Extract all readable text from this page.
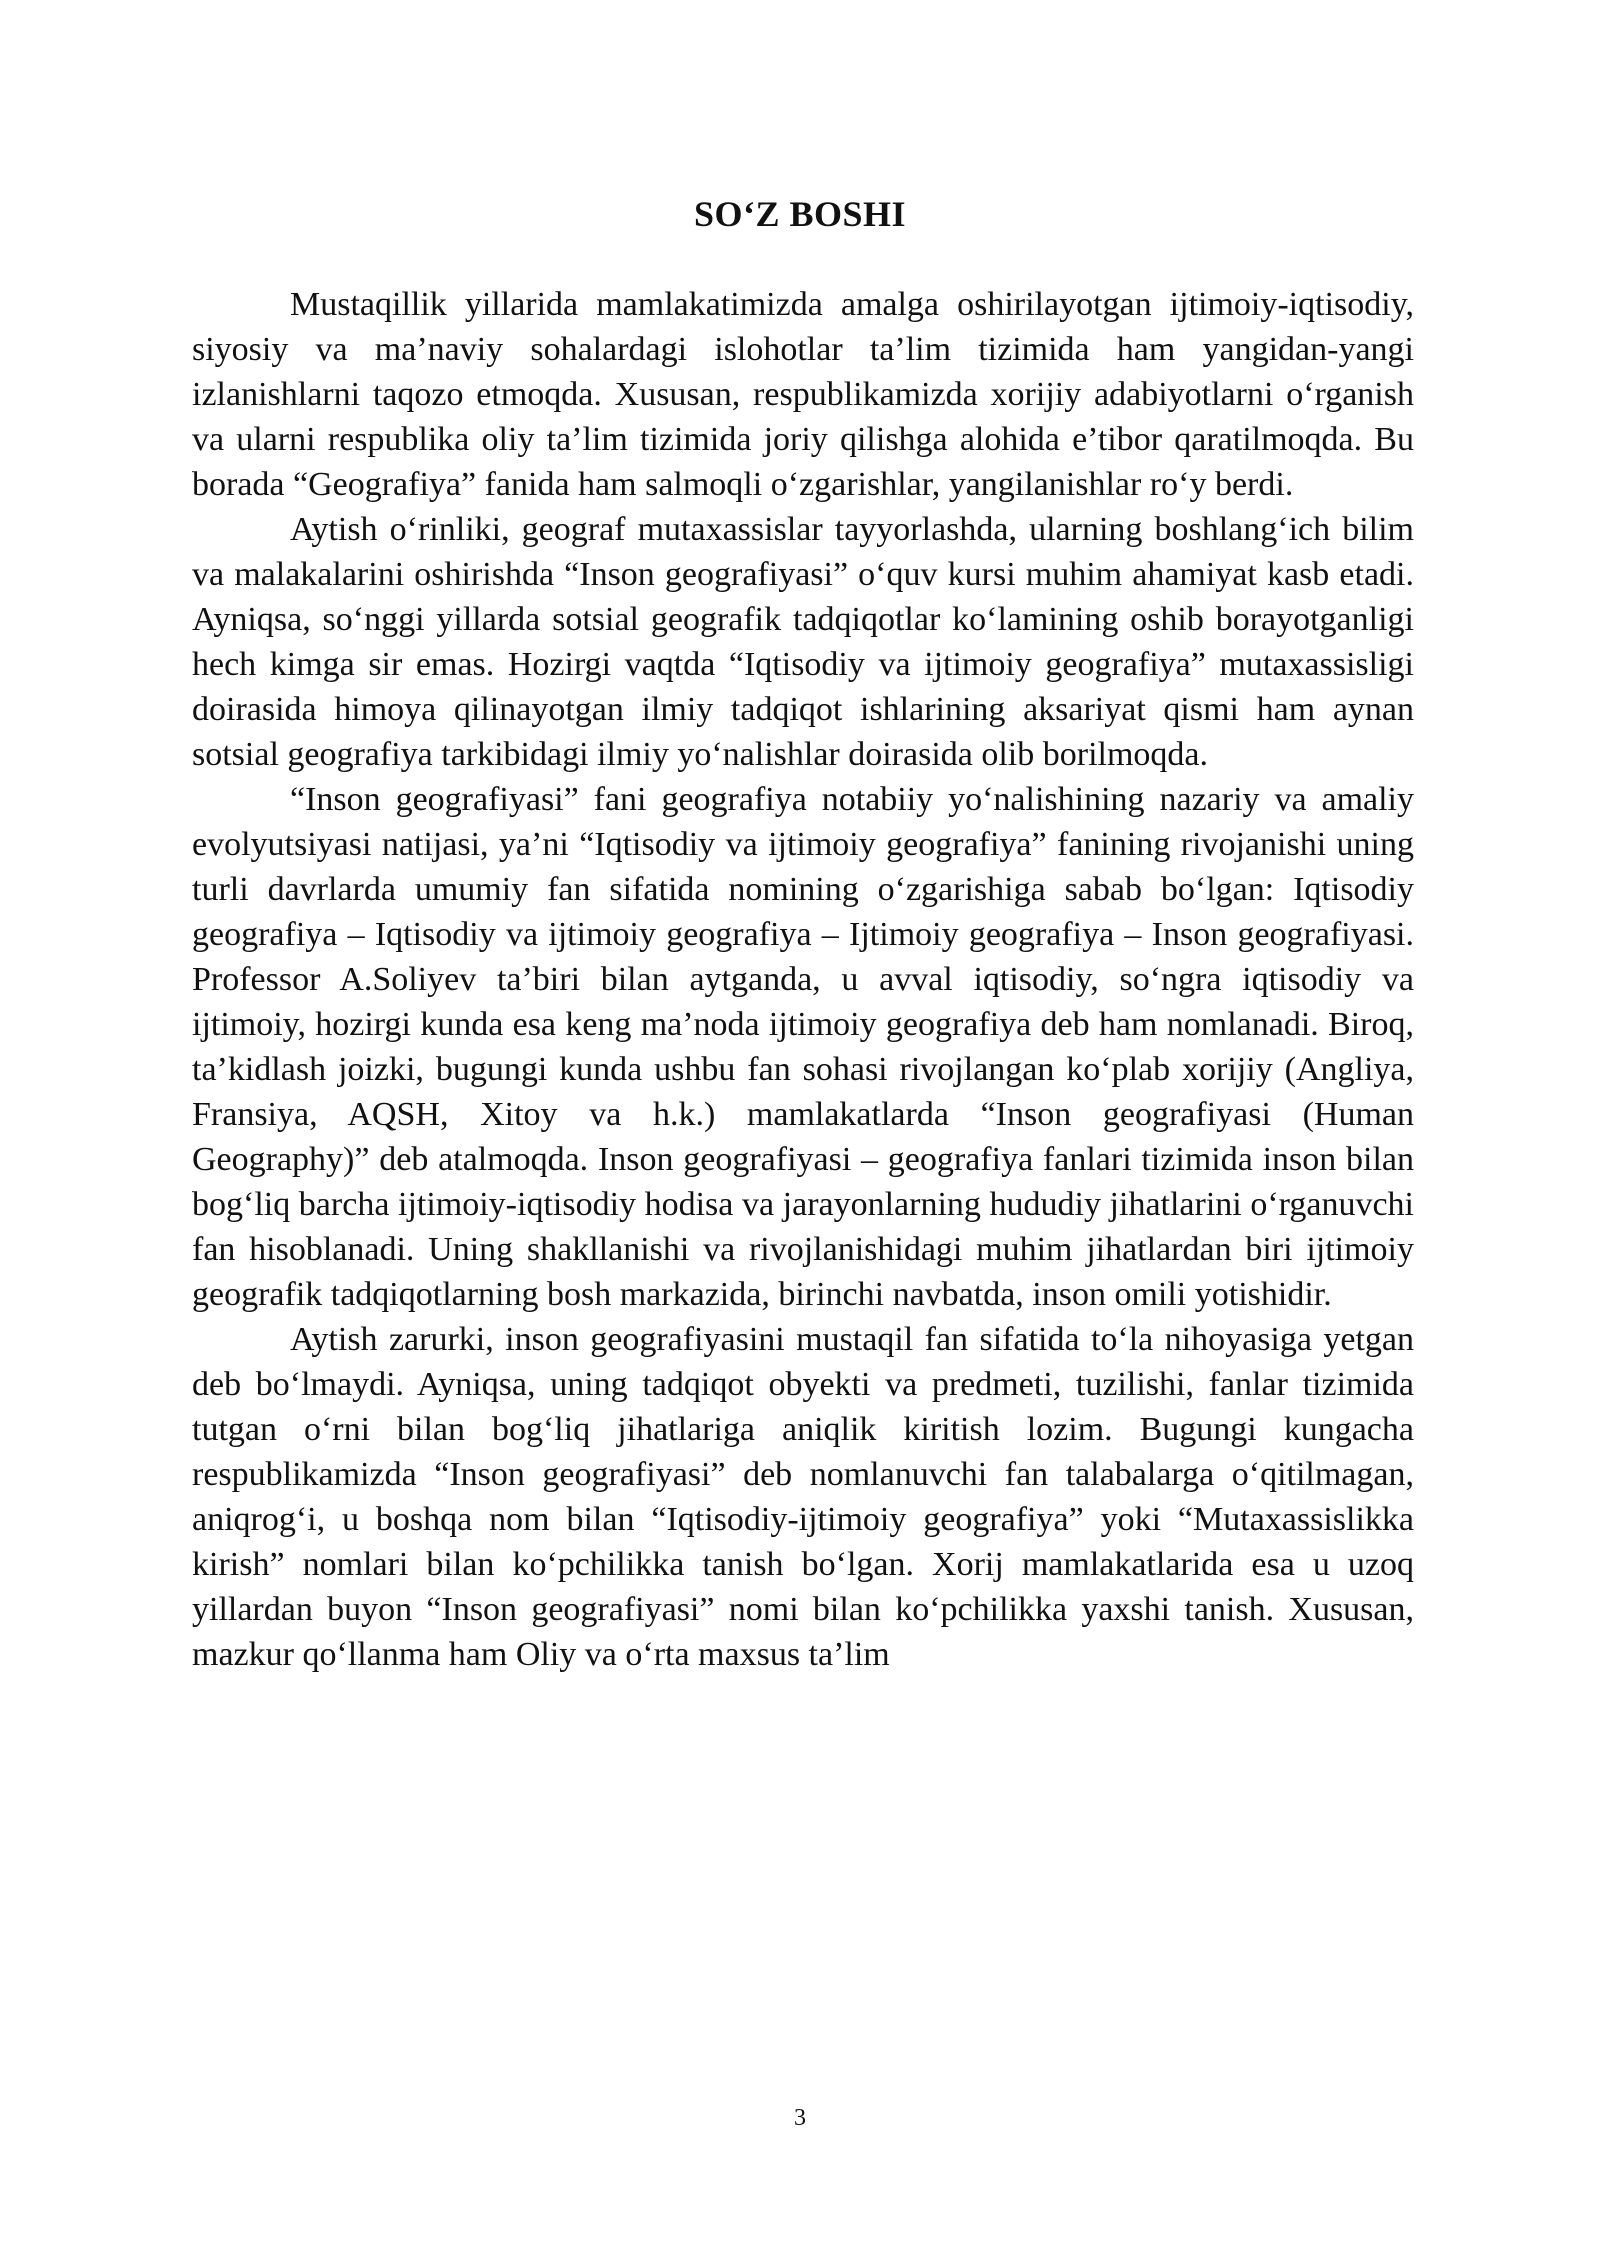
SO‘Z BOSHI

Mustaqillik yillarida mamlakatimizda amalga oshirilayotgan ijtimoiy-iqtisodiy, siyosiy va ma’naviy sohalardagi islohotlar ta’lim tizimida ham yangidan-yangi izlanishlarni taqozo etmoqda. Xususan, respublikamizda xorijiy adabiyotlarni o‘rganish va ularni respublika oliy ta’lim tizimida joriy qilishga alohida e’tibor qaratilmoqda. Bu borada “Geografiya” fanida ham salmoqli o‘zgarishlar, yangilanishlar ro‘y berdi.

Aytish o‘rinliki, geograf mutaxassislar tayyorlashda, ularning boshlang‘ich bilim va malakalarini oshirishda “Inson geografiyasi” o‘quv kursi muhim ahamiyat kasb etadi. Ayniqsa, so‘nggi yillarda sotsial geografik tadqiqotlar ko‘lamining oshib borayotganligi hech kimga sir emas. Hozirgi vaqtda “Iqtisodiy va ijtimoiy geografiya” mutaxassisligi doirasida himoya qilinayotgan ilmiy tadqiqot ishlarining aksariyat qismi ham aynan sotsial geografiya tarkibidagi ilmiy yo‘nalishlar doirasida olib borilmoqda.

“Inson geografiyasi” fani geografiya notabiiy yo‘nalishining nazariy va amaliy evolyutsiyasi natijasi, ya’ni “Iqtisodiy va ijtimoiy geografiya” fanining rivojanishi uning turli davrlarda umumiy fan sifatida nomining o‘zgarishiga sabab bo‘lgan: Iqtisodiy geografiya – Iqtisodiy va ijtimoiy geografiya – Ijtimoiy geografiya – Inson geografiyasi. Professor A.Soliyev ta’biri bilan aytganda, u avval iqtisodiy, so‘ngra iqtisodiy va ijtimoiy, hozirgi kunda esa keng ma’noda ijtimoiy geografiya deb ham nomlanadi. Biroq, ta’kidlash joizki, bugungi kunda ushbu fan sohasi rivojlangan ko‘plab xorijiy (Angliya, Fransiya, AQSH, Xitoy va h.k.) mamlakatlarda “Inson geografiyasi (Human Geography)” deb atalmoqda. Inson geografiyasi – geografiya fanlari tizimida inson bilan bog‘liq barcha ijtimoiy-iqtisodiy hodisa va jarayonlarning hududiy jihatlarini o‘rganuvchi fan hisoblanadi. Uning shakllanishi va rivojlanishidagi muhim jihatlardan biri ijtimoiy geografik tadqiqotlarning bosh markazida, birinchi navbatda, inson omili yotishidir.

Aytish zarurki, inson geografiyasini mustaqil fan sifatida to‘la nihoyasiga yetgan deb bo‘lmaydi. Ayniqsa, uning tadqiqot obyekti va predmeti, tuzilishi, fanlar tizimida tutgan o‘rni bilan bog‘liq jihatlariga aniqlik kiritish lozim. Bugungi kungacha respublikamizda “Inson geografiyasi” deb nomlanuvchi fan talabalarga o‘qitilmagan, aniqrog‘i, u boshqa nom bilan “Iqtisodiy-ijtimoiy geografiya” yoki “Mutaxassislikka kirish” nomlari bilan ko‘pchilikka tanish bo‘lgan. Xorij mamlakatlarida esa u uzoq yillardan buyon “Inson geografiyasi” nomi bilan ko‘pchilikka yaxshi tanish. Xususan, mazkur qo‘llanma ham Oliy va o‘rta maxsus ta’lim

3
